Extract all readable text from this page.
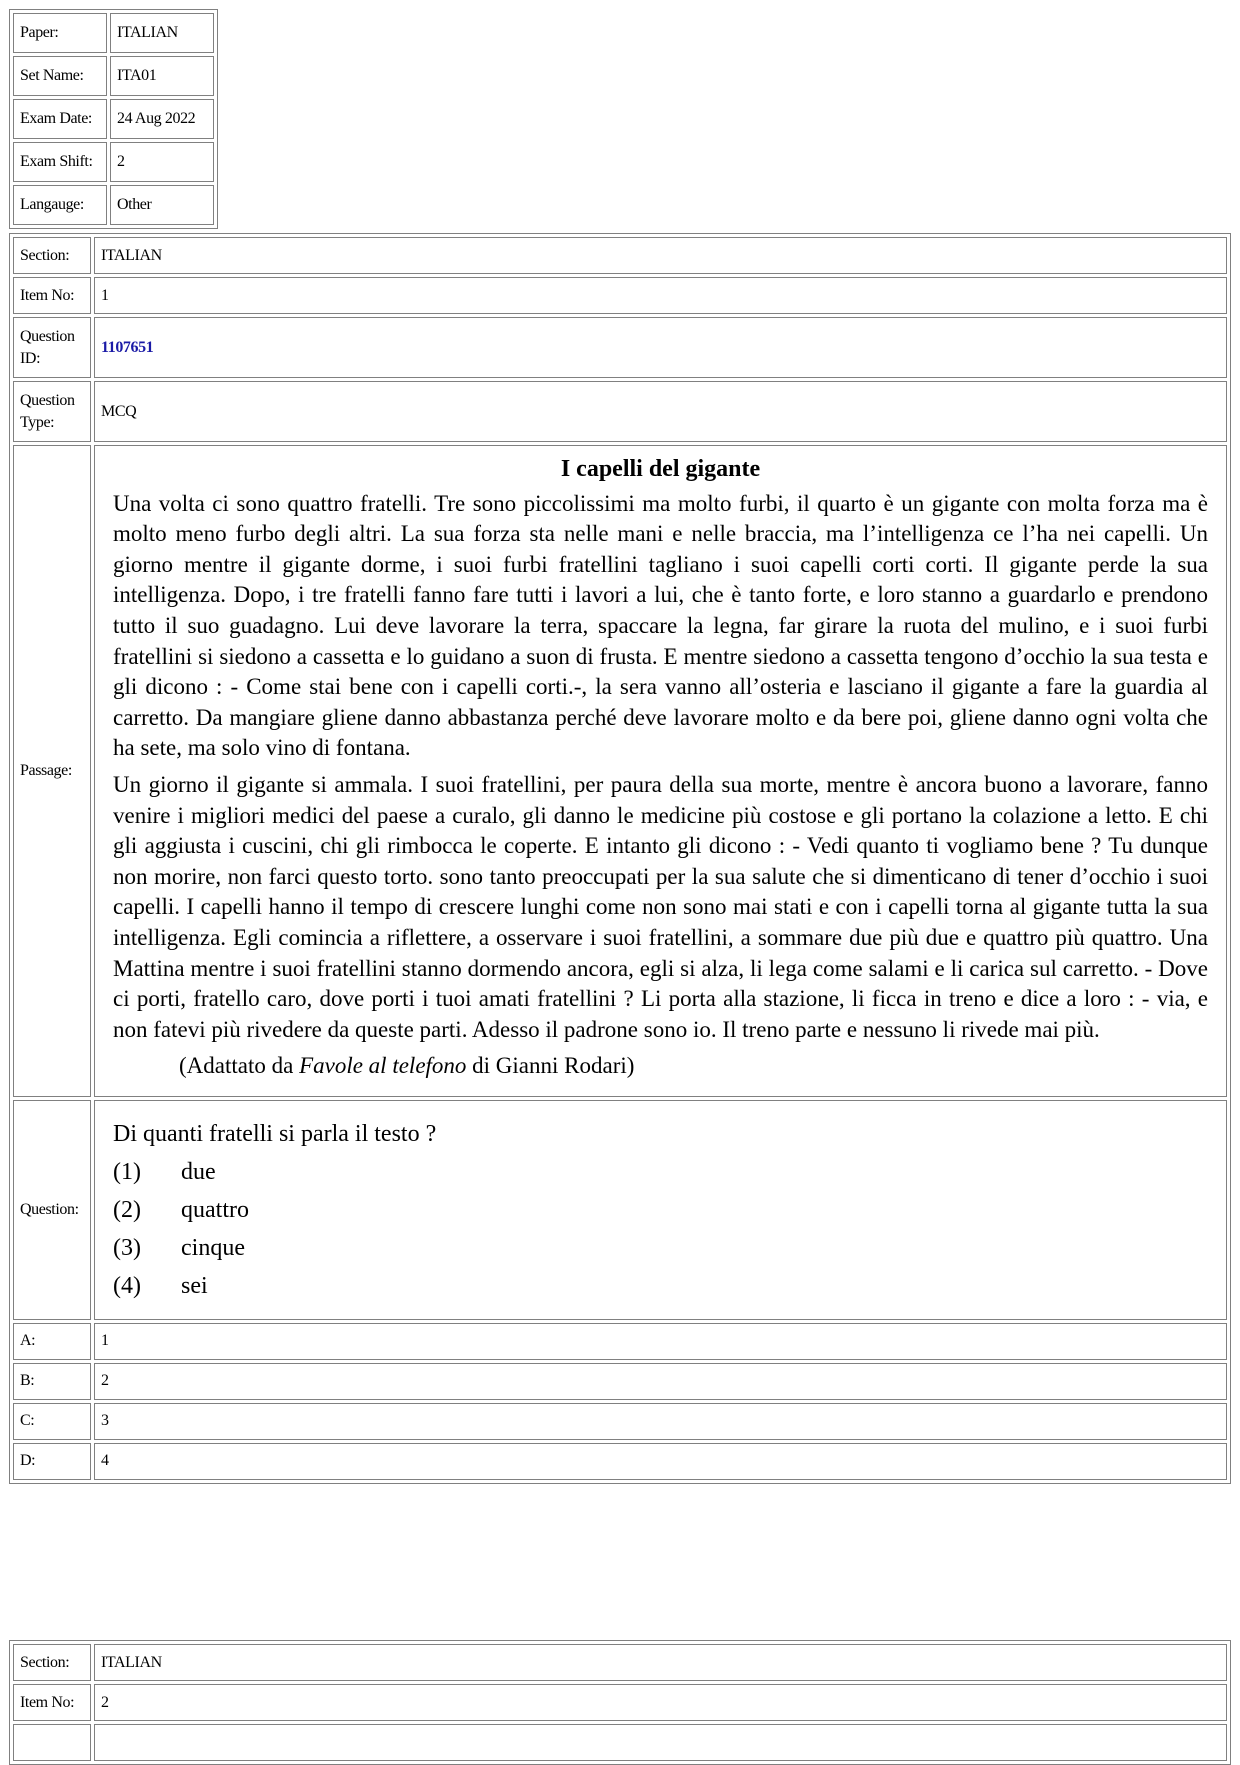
Paper:	ITALIAN
Set Name:	ITA01
Exam Date:	24 Aug 2022
Exam Shift:	2
Langauge:	Other
Section:	ITALIAN
Item No:	1
Question ID:	1107651
Question Type:	MCQ
Passage:	I capelli del gigante

Una volta ci sono quattro fratelli. Tre sono piccolissimi ma molto furbi, il quarto è un gigante con molta forza ma è molto meno furbo degli altri. La sua forza sta nelle mani e nelle braccia, ma l’intelligenza ce l’ha nei capelli. Un giorno mentre il gigante dorme, i suoi furbi fratellini tagliano i suoi capelli corti corti. Il gigante perde la sua intelligenza. Dopo, i tre fratelli fanno fare tutti i lavori a lui, che è tanto forte, e loro stanno a guardarlo e prendono tutto il suo guadagno. Lui deve lavorare la terra, spaccare la legna, far girare la ruota del mulino, e i suoi furbi fratellini si siedono a cassetta e lo guidano a suon di frusta. E mentre siedono a cassetta tengono d’occhio la sua testa e gli dicono : - Come stai bene con i capelli corti.-, la sera vanno all’osteria e lasciano il gigante a fare la guardia al carretto. Da mangiare gliene danno abbastanza perché deve lavorare molto e da bere poi, gliene danno ogni volta che ha sete, ma solo vino di fontana.

Un giorno il gigante si ammala. I suoi fratellini, per paura della sua morte, mentre è ancora buono a lavorare, fanno venire i migliori medici del paese a curalo, gli danno le medicine più costose e gli portano la colazione a letto. E chi gli aggiusta i cuscini, chi gli rimbocca le coperte. E intanto gli dicono : - Vedi quanto ti vogliamo bene ? Tu dunque non morire, non farci questo torto. sono tanto preoccupati per la sua salute che si dimenticano di tener d’occhio i suoi capelli. I capelli hanno il tempo di crescere lunghi come non sono mai stati e con i capelli torna al gigante tutta la sua intelligenza. Egli comincia a riflettere, a osservare i suoi fratellini, a sommare due più due e quattro più quattro. Una Mattina mentre i suoi fratellini stanno dormendo ancora, egli si alza, li lega come salami e li carica sul carretto. - Dove ci porti, fratello caro, dove porti i tuoi amati fratellini ? Li porta alla stazione, li ficca in treno e dice a loro : - via, e non fatevi più rivedere da queste parti. Adesso il padrone sono io. Il treno parte e nessuno li rivede mai più.

(Adattato da Favole al telefono di Gianni Rodari)

Question:	Di quanti fratelli si parla il testo ?
(1) due
(2) quattro
(3) cinque
(4) sei

A:	1
B:	2
C:	3
D:	4
Section:	ITALIAN
Item No:	2
